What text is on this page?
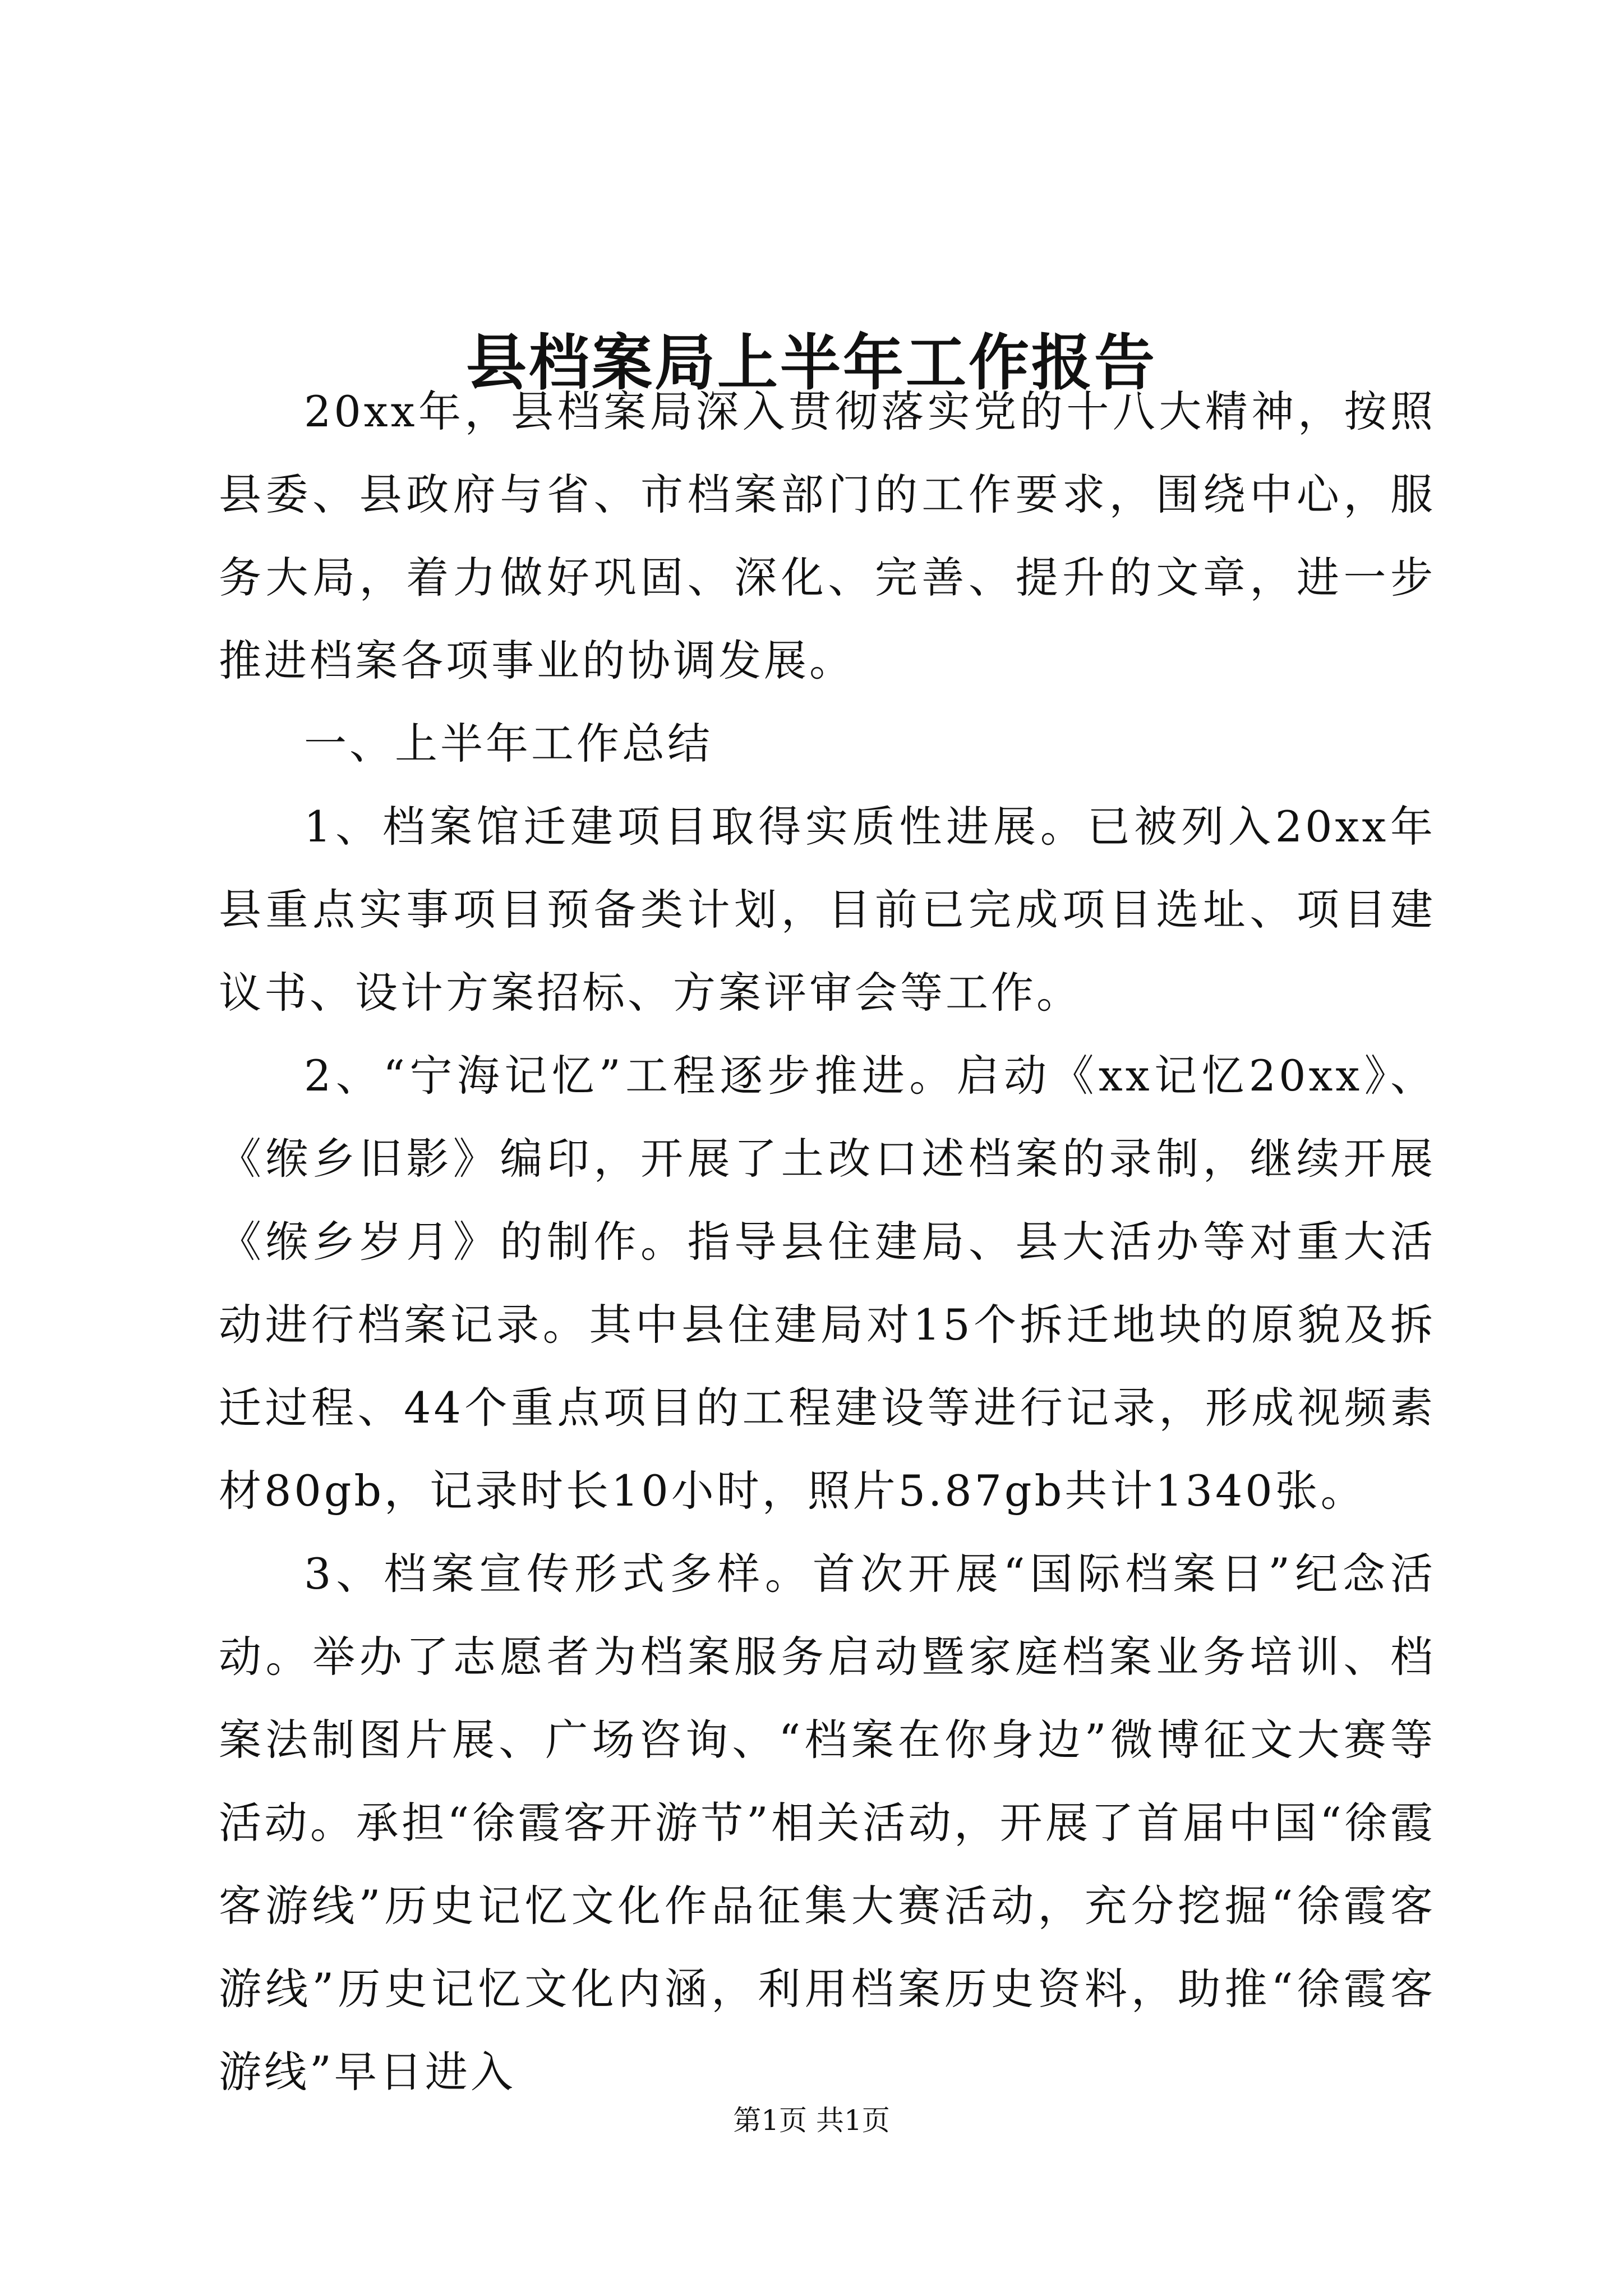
县档案局上半年工作报告

20xx年，县档案局深入贯彻落实党的十八大精神，按照县委、县政府与省、市档案部门的工作要求，围绕中心，服务大局，着力做好巩固、深化、完善、提升的文章，进一步推进档案各项事业的协调发展。

一、上半年工作总结

1、档案馆迁建项目取得实质性进展。已被列入20xx年县重点实事项目预备类计划，目前已完成项目选址、项目建议书、设计方案招标、方案评审会等工作。

2、“宁海记忆”工程逐步推进。启动《xx记忆20xx》、《缑乡旧影》编印，开展了土改口述档案的录制，继续开展《缑乡岁月》的制作。指导县住建局、县大活办等对重大活动进行档案记录。其中县住建局对15个拆迁地块的原貌及拆迁过程、44个重点项目的工程建设等进行记录，形成视频素材80gb，记录时长10小时，照片5.87gb共计1340张。

3、档案宣传形式多样。首次开展“国际档案日”纪念活动。举办了志愿者为档案服务启动暨家庭档案业务培训、档案法制图片展、广场咨询、“档案在你身边”微博征文大赛等活动。承担“徐霞客开游节”相关活动，开展了首届中国“徐霞客游线”历史记忆文化作品征集大赛活动，充分挖掘“徐霞客游线”历史记忆文化内涵，利用档案历史资料，助推“徐霞客游线”早日进入

第1页 共1页
